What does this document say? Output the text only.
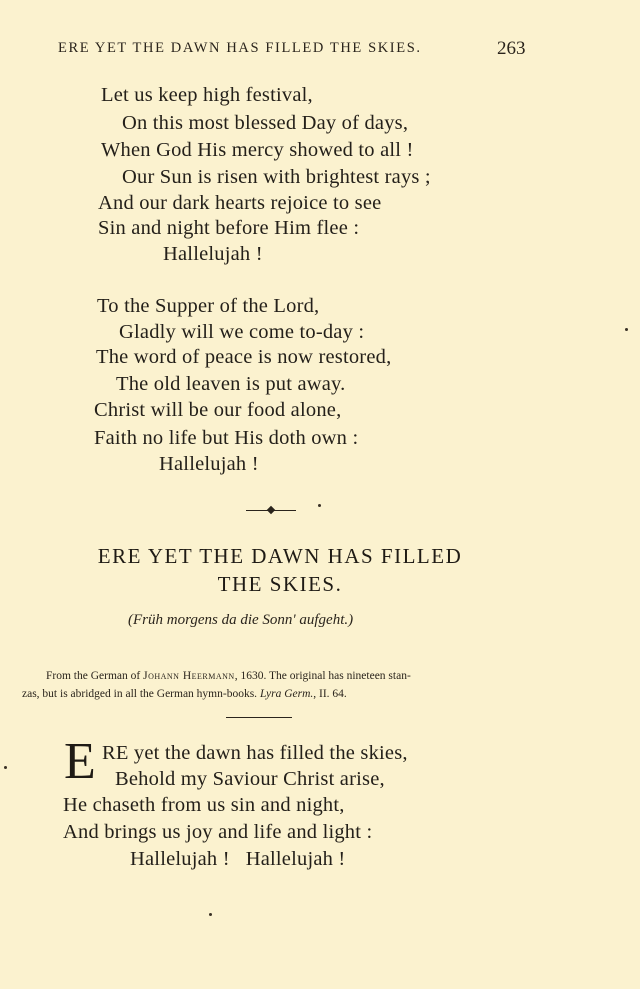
ERE YET THE DAWN HAS FILLED THE SKIES.	263
Let us keep high festival,
On this most blessed Day of days,
When God His mercy showed to all !
Our Sun is risen with brightest rays ;
And our dark hearts rejoice to see
Sin and night before Him flee :
Hallelujah !
To the Supper of the Lord,
Gladly will we come to-day :
The word of peace is now restored,
The old leaven is put away.
Christ will be our food alone,
Faith no life but His doth own :
Hallelujah !
ERE YET THE DAWN HAS FILLED
THE SKIES.
(Früh morgens da die Sonn' aufgeht.)
From the German of Johann Heermann, 1630. The original has nineteen stan-
zas, but is abridged in all the German hymn-books. Lyra Germ., II. 64.
E RE yet the dawn has filled the skies,
Behold my Saviour Christ arise,
He chaseth from us sin and night,
And brings us joy and life and light :
Hallelujah !   Hallelujah !
